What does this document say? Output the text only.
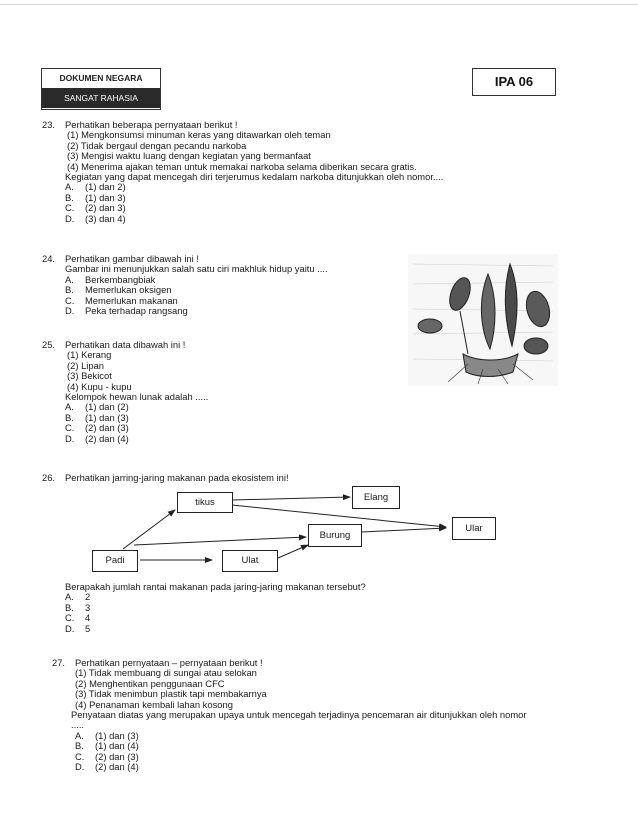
DOKUMEN NEGARA
SANGAT RAHASIA
IPA 06
23. Perhatikan beberapa pernyataan berikut !
(1) Mengkonsumsi minuman keras yang ditawarkan oleh teman
(2) Tidak bergaul dengan pecandu narkoba
(3) Mengisi waktu luang dengan kegiatan yang bermanfaat
(4) Menerima ajakan teman untuk memakai narkoba selama diberikan secara gratis.
Kegiatan yang dapat mencegah diri terjerumus kedalam narkoba ditunjukkan oleh nomor....
A. (1) dan 2)
B. (1) dan 3)
C. (2) dan 3)
D. (3) dan 4)
24. Perhatikan gambar dibawah ini !
Gambar ini menunjukkan salah satu ciri makhluk hidup yaitu ....
A. Berkembangbiak
B. Memerlukan oksigen
C. Memerlukan makanan
D. Peka terhadap rangsang
25. Perhatikan data dibawah ini !
(1) Kerang
(2) Lipan
(3) Bekicot
(4) Kupu - kupu
Kelompok hewan lunak adalah .....
A. (1) dan (2)
B. (1) dan (3)
C. (2) dan (3)
D. (2) dan (4)
26. Perhatikan jarring-jaring makanan pada ekosistem ini!
tikus	Elang
Ular
Burung
Padi	Ulat
Berapakah jumlah rantai makanan pada jaring-jaring makanan tersebut?
A. 2
B. 3
C. 4
D. 5
27. Perhatikan pernyataan – pernyataan berikut !
(1) Tidak membuang di sungai atau selokan
(2) Menghentikan penggunaan CFC
(3) Tidak menimbun plastik tapi membakarnya
(4) Penanaman kembali lahan kosong
Penyataan diatas yang merupakan upaya untuk mencegah terjadinya pencemaran air ditunjukkan oleh nomor
.....
A. (1) dan (3)
B. (1) dan (4)
C. (2) dan (3)
D. (2) dan (4)
